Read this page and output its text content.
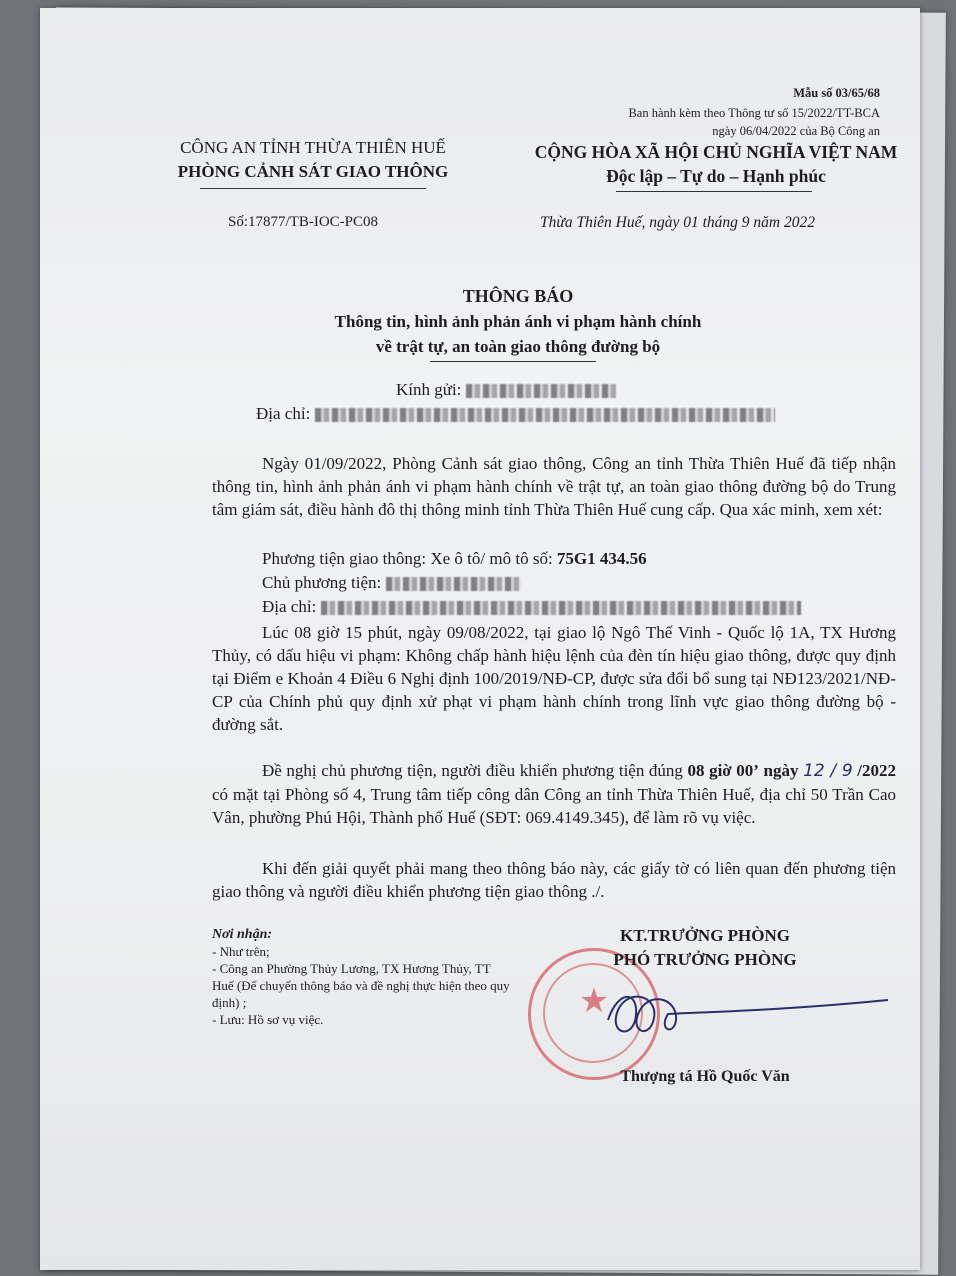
Mẫu số 03/65/68
Ban hành kèm theo Thông tư số 15/2022/TT-BCA
ngày 06/04/2022 của Bộ Công an
CÔNG AN TỈNH THỪA THIÊN HUẾ
PHÒNG CẢNH SÁT GIAO THÔNG
CỘNG HÒA XÃ HỘI CHỦ NGHĨA VIỆT NAM
Độc lập – Tự do – Hạnh phúc
Số:17877/TB-IOC-PC08	Thừa Thiên Huế, ngày 01 tháng 9 năm 2022
THÔNG BÁO
Thông tin, hình ảnh phản ánh vi phạm hành chính
về trật tự, an toàn giao thông đường bộ
Kính gửi:
Địa chỉ:
Ngày 01/09/2022, Phòng Cảnh sát giao thông, Công an tỉnh Thừa Thiên Huế đã tiếp nhận thông tin, hình ảnh phản ánh vi phạm hành chính về trật tự, an toàn giao thông đường bộ do Trung tâm giám sát, điều hành đô thị thông minh tỉnh Thừa Thiên Huế cung cấp. Qua xác minh, xem xét:
Phương tiện giao thông: Xe ô tô/ mô tô số: 75G1 434.56
Chủ phương tiện:
Địa chỉ:
Lúc 08 giờ 15 phút, ngày 09/08/2022, tại giao lộ Ngô Thế Vinh - Quốc lộ 1A, TX Hương Thủy, có dấu hiệu vi phạm: Không chấp hành hiệu lệnh của đèn tín hiệu giao thông, được quy định tại Điểm e Khoản 4 Điều 6 Nghị định 100/2019/NĐ-CP, được sửa đổi bổ sung tại NĐ123/2021/NĐ-CP của Chính phủ quy định xử phạt vi phạm hành chính trong lĩnh vực giao thông đường bộ - đường sắt.
Đề nghị chủ phương tiện, người điều khiển phương tiện đúng 08 giờ 00’ ngày 12 / 9 /2022 có mặt tại Phòng số 4, Trung tâm tiếp công dân Công an tỉnh Thừa Thiên Huế, địa chỉ 50 Trần Cao Vân, phường Phú Hội, Thành phố Huế (SĐT: 069.4149.345), để làm rõ vụ việc.
Khi đến giải quyết phải mang theo thông báo này, các giấy tờ có liên quan đến phương tiện giao thông và người điều khiển phương tiện giao thông ./.
Nơi nhận:
- Như trên;
- Công an Phường Thủy Lương, TX Hương Thủy, TT Huế (Để chuyển thông báo và đề nghị thực hiện theo quy định) ;
- Lưu: Hồ sơ vụ việc.	★
KT.TRƯỞNG PHÒNG
PHÓ TRƯỞNG PHÒNG
Thượng tá Hồ Quốc Văn
